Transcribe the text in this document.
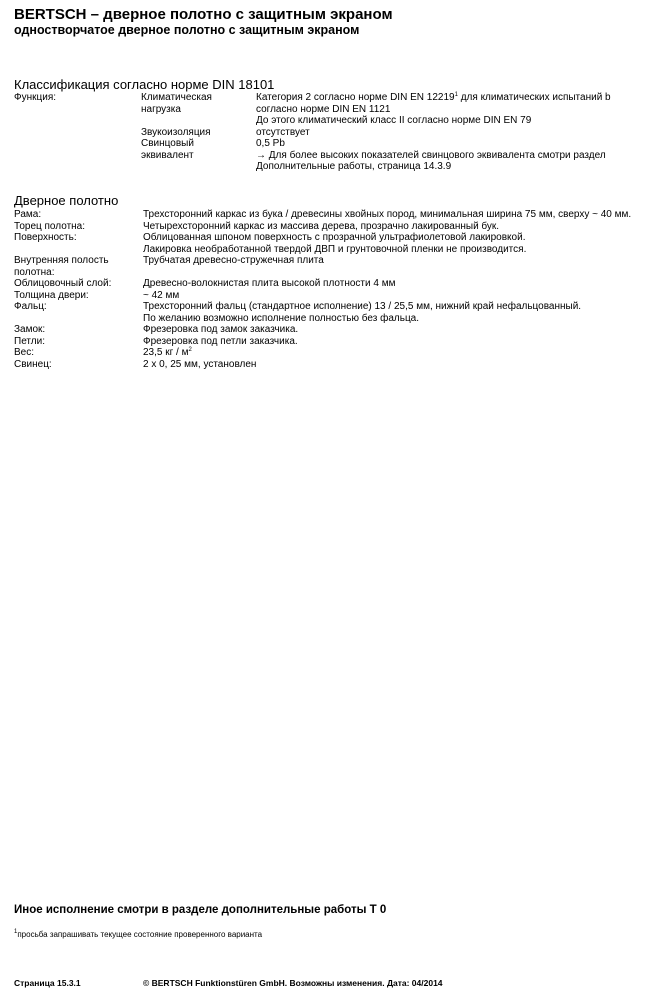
BERTSCH – дверное полотно с защитным экраном
одностворчатое дверное полотно с защитным экраном
Классификация согласно норме DIN 18101
Функция:	Климатическая	Категория 2 согласно норме DIN EN 12219$^1$ для климатических испытаний b
нагрузка	согласно норме DIN EN 1121
До этого климатический класс II согласно норме DIN EN 79
Звукоизоляция	отсутствует
Свинцовый	0,5 Pb
эквивалент	→ Для более высоких показателей свинцового эквивалента смотри раздел
Дополнительные работы, страница 14.3.9
Дверное полотно
Рама:	Трехсторонний каркас из бука / древесины хвойных пород, минимальная ширина 75 мм, сверху ~ 40 мм.
Торец полотна:	Четырехсторонний каркас из массива дерева, прозрачно лакированный бук.
Поверхность:	Облицованная шпоном поверхность с прозрачной ультрафиолетовой лакировкой.
Лакировка необработанной твердой ДВП и грунтовочной пленки не производится.
Внутренняя полость	Трубчатая древесно-стружечная плита
полотна:
Облицовочный слой:	Древесно-волокнистая плита высокой плотности 4 мм
Толщина двери:	~ 42 мм
Фальц:	Трехсторонний фальц (стандартное исполнение) 13 / 25,5 мм, нижний край нефальцованный.
По желанию возможно исполнение полностью без фальца.
Замок:	Фрезеровка под замок заказчика.
Петли:	Фрезеровка под петли заказчика.
Вес:	23,5 кг / $м^2$
Свинец:	2 x 0, 25 мм, установлен
Иное исполнение смотри в разделе дополнительные работы Т 0
$^1$просьба запрашивать текущее состояние проверенного варианта
Страница 15.3.1	© BERTSCH Funktionstüren GmbH. Возможны изменения. Дата: 04/2014
